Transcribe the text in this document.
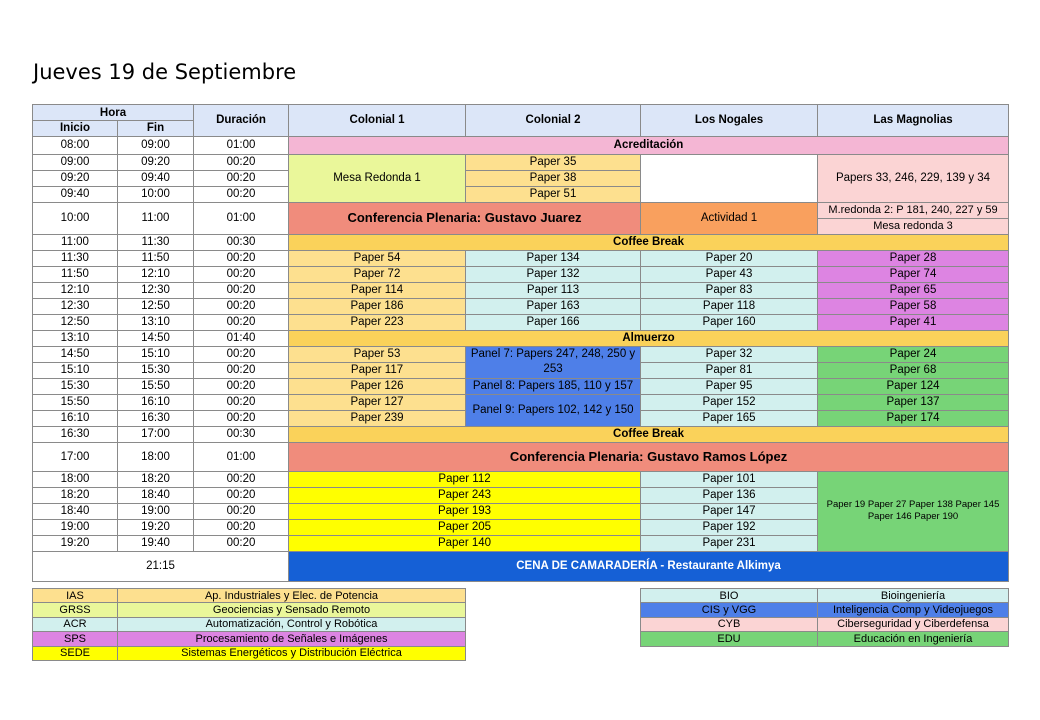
Jueves 19 de Septiembre
Hora		Duración	Colonial 1	Colonial 2	Los Nogales	Las Magnolias
Inicio	Fin					
08:00	09:00	01:00	Acreditación			
09:00	09:20	00:20	Mesa Redonda 1	Paper 35		Papers 33, 246, 229, 139 y 34
09:20	09:40	00:20		Paper 38		
09:40	10:00	00:20		Paper 51		
10:00	11:00	01:00	Conferencia Plenaria: Gustavo Juarez		Actividad 1	M.redonda 2: P 181, 240, 227 y 59
						Mesa redonda 3
11:00	11:30	00:30	Coffee Break			
11:30	11:50	00:20	Paper 54	Paper 134	Paper 20	Paper 28
11:50	12:10	00:20	Paper 72	Paper 132	Paper 43	Paper 74
12:10	12:30	00:20	Paper 114	Paper 113	Paper 83	Paper 65
12:30	12:50	00:20	Paper 186	Paper 163	Paper 118	Paper 58
12:50	13:10	00:20	Paper 223	Paper 166	Paper 160	Paper 41
13:10	14:50	01:40	Almuerzo			
14:50	15:10	00:20	Paper 53	Panel 7: Papers 247, 248, 250 y 253	Paper 32	Paper 24
15:10	15:30	00:20	Paper 117		Paper 81	Paper 68
15:30	15:50	00:20	Paper 126	Panel 8: Papers 185, 110 y 157	Paper 95	Paper 124
15:50	16:10	00:20	Paper 127	Panel 9: Papers 102, 142 y 150	Paper 152	Paper 137
16:10	16:30	00:20	Paper 239		Paper 165	Paper 174
16:30	17:00	00:30	Coffee Break			
17:00	18:00	01:00	Conferencia Plenaria: Gustavo Ramos López			
18:00	18:20	00:20	Paper 112		Paper 101	Paper 19 Paper 27 Paper 138 Paper 145 Paper 146 Paper 190
18:20	18:40	00:20	Paper 243		Paper 136	
18:40	19:00	00:20	Paper 193		Paper 147	
19:00	19:20	00:20	Paper 205		Paper 192	
19:20	19:40	00:20	Paper 140		Paper 231	
21:15			CENA DE CAMARADERÍA - Restaurante Alkimya			
IAS	Ap. Industriales y Elec. de Potencia
GRSS	Geociencias y Sensado Remoto
ACR	Automatización, Control y Robótica
SPS	Procesamiento de Señales e Imágenes
SEDE	Sistemas Energéticos y Distribución Eléctrica
BIO	Bioingeniería
CIS y VGG	Inteligencia Comp y Videojuegos
CYB	Ciberseguridad y Ciberdefensa
EDU	Educación en Ingeniería
